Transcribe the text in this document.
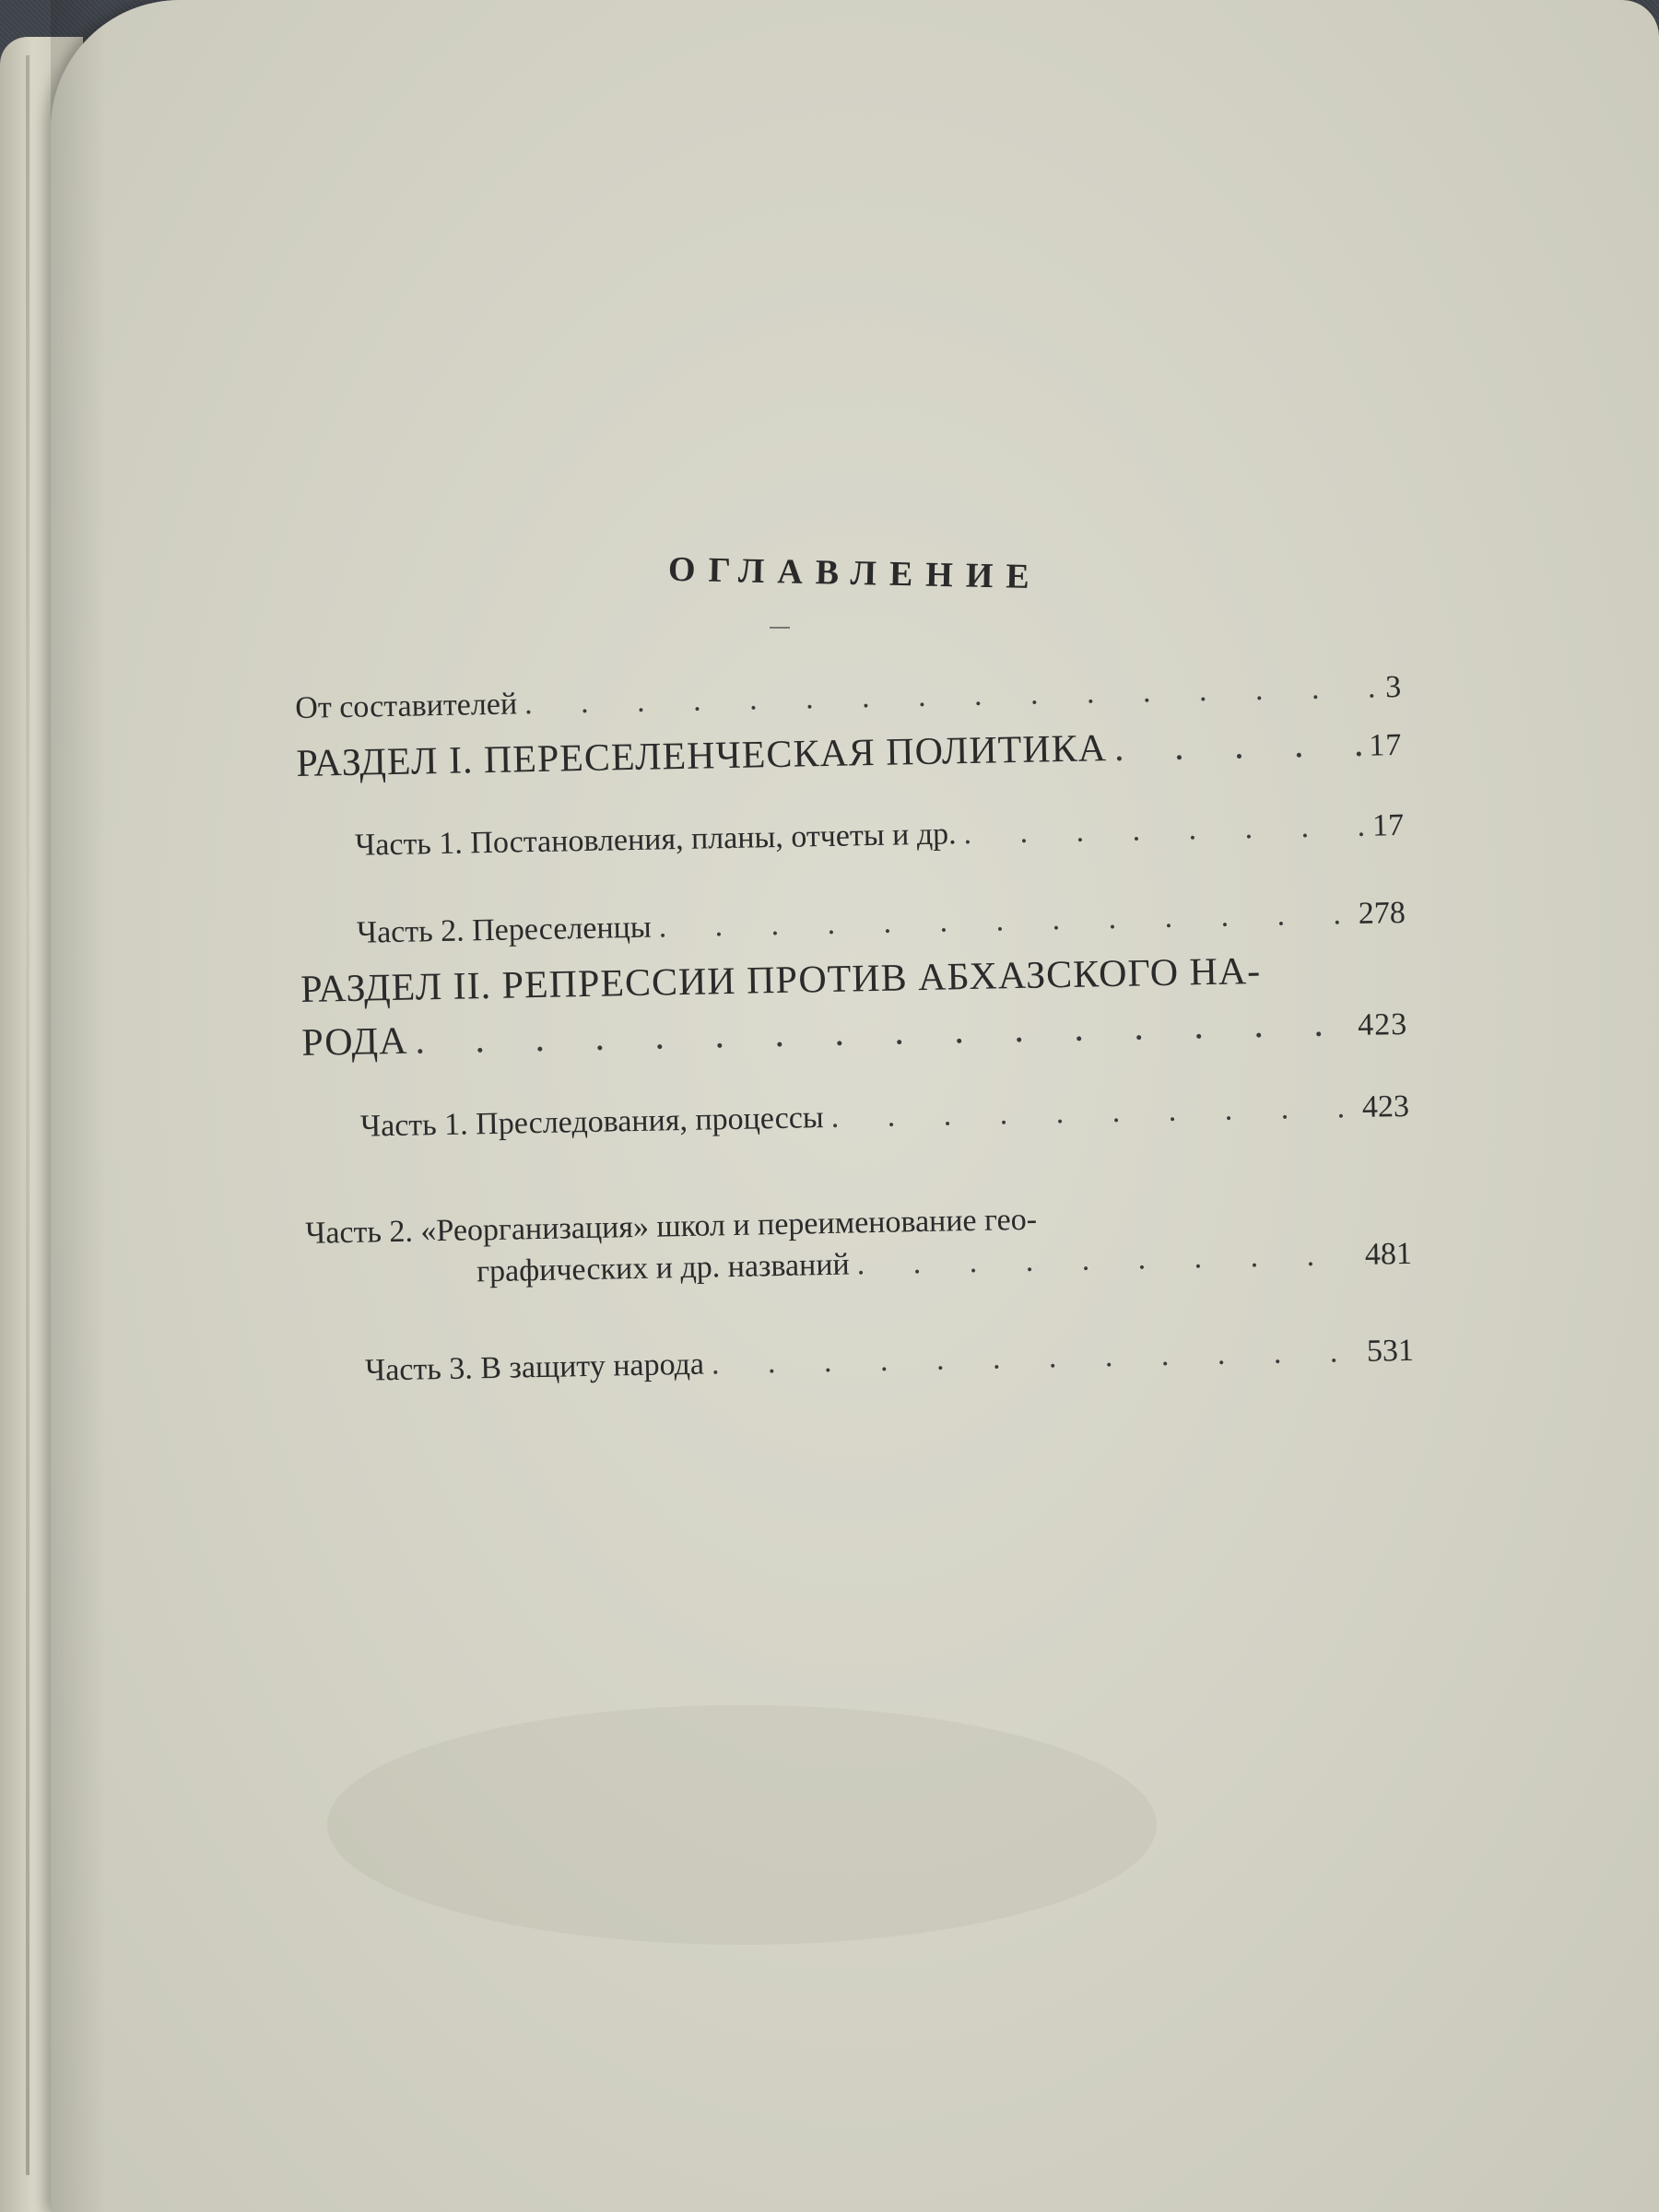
ОГЛАВЛЕНИЕ
От составителей . . .	3
РАЗДЕЛ I. ПЕРЕСЕЛЕНЧЕСКАЯ ПОЛИТИКА . . .	17
Часть 1. Постановления, планы, отчеты и др. . . .	17
Часть 2. Переселенцы . . .	278
РАЗДЕЛ II. РЕПРЕССИИ ПРОТИВ АБХАЗСКОГО НА-
РОДА . . .	423
Часть 1. Преследования, процессы . . .	423
Часть 2. «Реорганизация» школ и переименование гео-
графических и др. названий . . .	481
Часть 3. В защиту народа . . .	531
